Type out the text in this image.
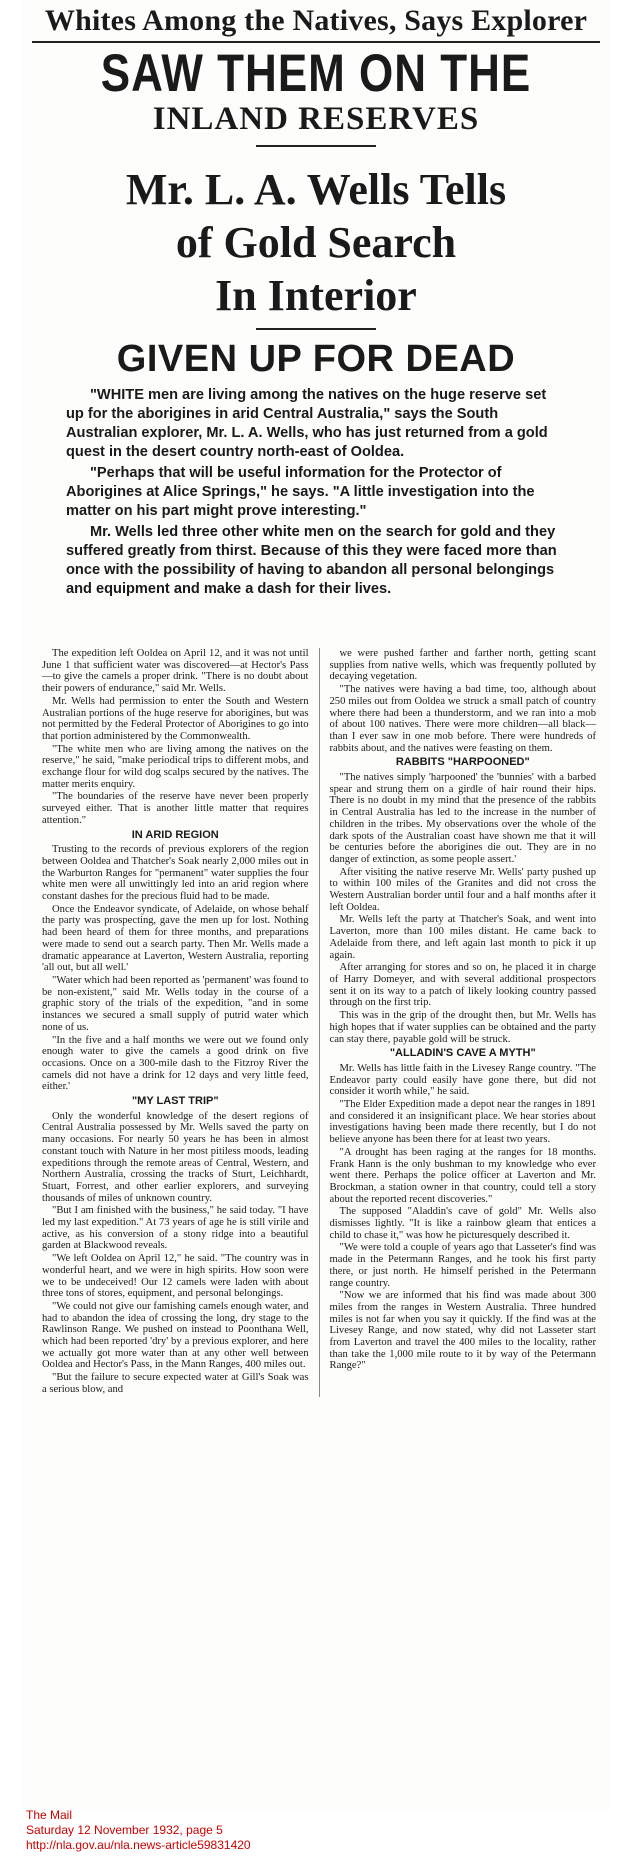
Whites Among the Natives, Says Explorer
SAW THEM ON THE
INLAND RESERVES
Mr. L. A. Wells Tells
of Gold Search
In Interior
GIVEN UP FOR DEAD

"WHITE men are living among the natives on the huge reserve set up for the aborigines in arid Central Australia," says the South Australian explorer, Mr. L. A. Wells, who has just returned from a gold quest in the desert country north-east of Ooldea.

"Perhaps that will be useful information for the Protector of Aborigines at Alice Springs," he says. "A little investigation into the matter on his part might prove interesting."

Mr. Wells led three other white men on the search for gold and they suffered greatly from thirst. Because of this they were faced more than once with the possibility of having to abandon all personal belongings and equipment and make a dash for their lives.

The expedition left Ooldea on April 12, and it was not until June 1 that sufficient water was discovered—at Hector's Pass—to give the camels a proper drink. "There is no doubt about their powers of endurance," said Mr. Wells.

Mr. Wells had permission to enter the South and Western Australian portions of the huge reserve for aborigines, but was not permitted by the Federal Protector of Aborigines to go into that portion administered by the Commonwealth.

"The white men who are living among the natives on the reserve," he said, "make periodical trips to different mobs, and exchange flour for wild dog scalps secured by the natives. The matter merits enquiry.

"The boundaries of the reserve have never been properly surveyed either. That is another little matter that requires attention."

IN ARID REGION

Trusting to the records of previous explorers of the region between Ooldea and Thatcher's Soak nearly 2,000 miles out in the Warburton Ranges for "permanent" water supplies the four white men were all unwittingly led into an arid region where constant dashes for the precious fluid had to be made.

Once the Endeavor syndicate, of Adelaide, on whose behalf the party was prospecting, gave the men up for lost. Nothing had been heard of them for three months, and preparations were made to send out a search party. Then Mr. Wells made a dramatic appearance at Laverton, Western Australia, reporting 'all out, but all well.'

"Water which had been reported as 'permanent' was found to be non-existent," said Mr. Wells today in the course of a graphic story of the trials of the expedition, "and in some instances we secured a small supply of putrid water which none of us.

"In the five and a half months we were out we found only enough water to give the camels a good drink on five occasions. Once on a 300-mile dash to the Fitzroy River the camels did not have a drink for 12 days and very little feed, either.'

"MY LAST TRIP"

Only the wonderful knowledge of the desert regions of Central Australia possessed by Mr. Wells saved the party on many occasions. For nearly 50 years he has been in almost constant touch with Nature in her most pitiless moods, leading expeditions through the remote areas of Central, Western, and Northern Australia, crossing the tracks of Sturt, Leichhardt, Stuart, Forrest, and other earlier explorers, and surveying thousands of miles of unknown country.

"But I am finished with the business," he said today. "I have led my last expedition." At 73 years of age he is still virile and active, as his conversion of a stony ridge into a beautiful garden at Blackwood reveals.

"We left Ooldea on April 12," he said. "The country was in wonderful heart, and we were in high spirits. How soon were we to be undeceived! Our 12 camels were laden with about three tons of stores, equipment, and personal belongings.

"We could not give our famishing camels enough water, and had to abandon the idea of crossing the long, dry stage to the Rawlinson Range. We pushed on instead to Poonthana Well, which had been reported 'dry' by a previous explorer, and here we actually got more water than at any other well between Ooldea and Hector's Pass, in the Mann Ranges, 400 miles out.

"But the failure to secure expected water at Gill's Soak was a serious blow, and

we were pushed farther and farther north, getting scant supplies from native wells, which was frequently polluted by decaying vegetation.

"The natives were having a bad time, too, although about 250 miles out from Ooldea we struck a small patch of country where there had been a thunderstorm, and we ran into a mob of about 100 natives. There were more children—all black—than I ever saw in one mob before. There were hundreds of rabbits about, and the natives were feasting on them.

RABBITS "HARPOONED"

"The natives simply 'harpooned' the 'bunnies' with a barbed spear and strung them on a girdle of hair round their hips. There is no doubt in my mind that the presence of the rabbits in Central Australia has led to the increase in the number of children in the tribes. My observations over the whole of the dark spots of the Australian coast have shown me that it will be centuries before the aborigines die out. They are in no danger of extinction, as some people assert.'

After visiting the native reserve Mr. Wells' party pushed up to within 100 miles of the Granites and did not cross the Western Australian border until four and a half months after it left Ooldea.

Mr. Wells left the party at Thatcher's Soak, and went into Laverton, more than 100 miles distant. He came back to Adelaide from there, and left again last month to pick it up again.

After arranging for stores and so on, he placed it in charge of Harry Domeyer, and with several additional prospectors sent it on its way to a patch of likely looking country passed through on the first trip.

This was in the grip of the drought then, but Mr. Wells has high hopes that if water supplies can be obtained and the party can stay there, payable gold will be struck.

"ALLADIN'S CAVE A MYTH"

Mr. Wells has little faith in the Livesey Range country. "The Endeavor party could easily have gone there, but did not consider it worth while," he said.

"The Elder Expedition made a depot near the ranges in 1891 and considered it an insignificant place. We hear stories about investigations having been made there recently, but I do not believe anyone has been there for at least two years.

"A drought has been raging at the ranges for 18 months. Frank Hann is the only bushman to my knowledge who ever went there. Perhaps the police officer at Laverton and Mr. Brockman, a station owner in that country, could tell a story about the reported recent discoveries."

The supposed "Aladdin's cave of gold" Mr. Wells also dismisses lightly. "It is like a rainbow gleam that entices a child to chase it," was how he picturesquely described it.

"We were told a couple of years ago that Lasseter's find was made in the Petermann Ranges, and he took his first party there, or just north. He himself perished in the Petermann range country.

"Now we are informed that his find was made about 300 miles from the ranges in Western Australia. Three hundred miles is not far when you say it quickly. If the find was at the Livesey Range, and now stated, why did not Lasseter start from Laverton and travel the 400 miles to the locality, rather than take the 1,000 mile route to it by way of the Petermann Range?"

The Mail
Saturday 12 November 1932, page 5
http://nla.gov.au/nla.news-article59831420
